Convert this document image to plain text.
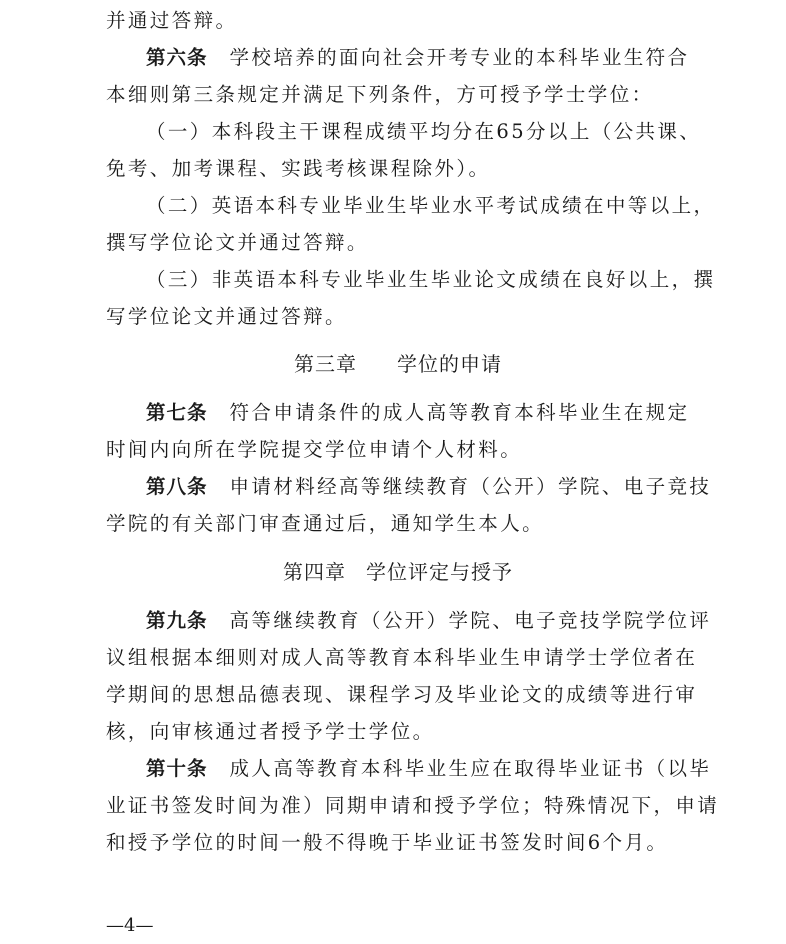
并通过答辩。
第六条 学校培养的面向社会开考专业的本科毕业生符合
本细则第三条规定并满足下列条件，方可授予学士学位：
（一）本科段主干课程成绩平均分在65分以上（公共课、
免考、加考课程、实践考核课程除外）。
（二）英语本科专业毕业生毕业水平考试成绩在中等以上，
撰写学位论文并通过答辩。
（三）非英语本科专业毕业生毕业论文成绩在良好以上，撰
写学位论文并通过答辩。
第三章 学位的申请
第七条 符合申请条件的成人高等教育本科毕业生在规定
时间内向所在学院提交学位申请个人材料。
第八条 申请材料经高等继续教育（公开）学院、电子竞技
学院的有关部门审查通过后，通知学生本人。
第四章 学位评定与授予
第九条 高等继续教育（公开）学院、电子竞技学院学位评
议组根据本细则对成人高等教育本科毕业生申请学士学位者在
学期间的思想品德表现、课程学习及毕业论文的成绩等进行审
核，向审核通过者授予学士学位。
第十条 成人高等教育本科毕业生应在取得毕业证书（以毕
业证书签发时间为准）同期申请和授予学位；特殊情况下，申请
和授予学位的时间一般不得晚于毕业证书签发时间6个月。
—4—
